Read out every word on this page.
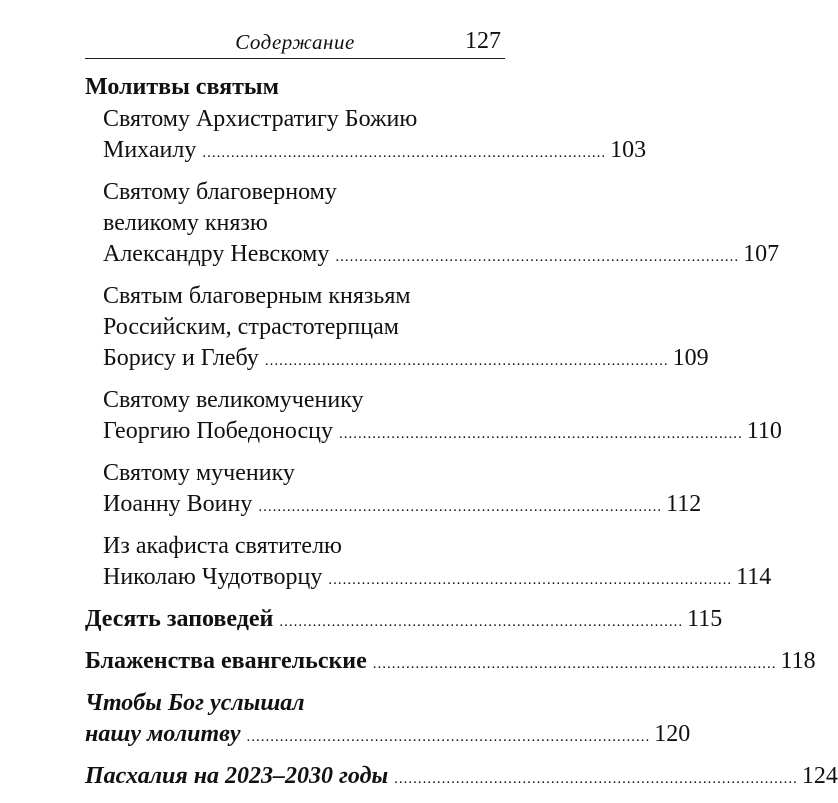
Содержание	127
Молитвы святым
Святому Архистратигу Божию
Михаилу ..................................................................................... 103
Святому благоверному
великому князю
Александру Невскому ..................................................................................... 107
Святым благоверным князьям
Российским, страстотерпцам
Борису и Глебу ..................................................................................... 109
Святому великомученику
Георгию Победоносцу ..................................................................................... 110
Святому мученику
Иоанну Воину ..................................................................................... 112
Из акафиста святителю
Николаю Чудотворцу ..................................................................................... 114
Десять заповедей ..................................................................................... 115
Блаженства евангельские ..................................................................................... 118
Чтобы Бог услышал
нашу молитву ..................................................................................... 120
Пасхалия на 2023–2030 годы ..................................................................................... 124
